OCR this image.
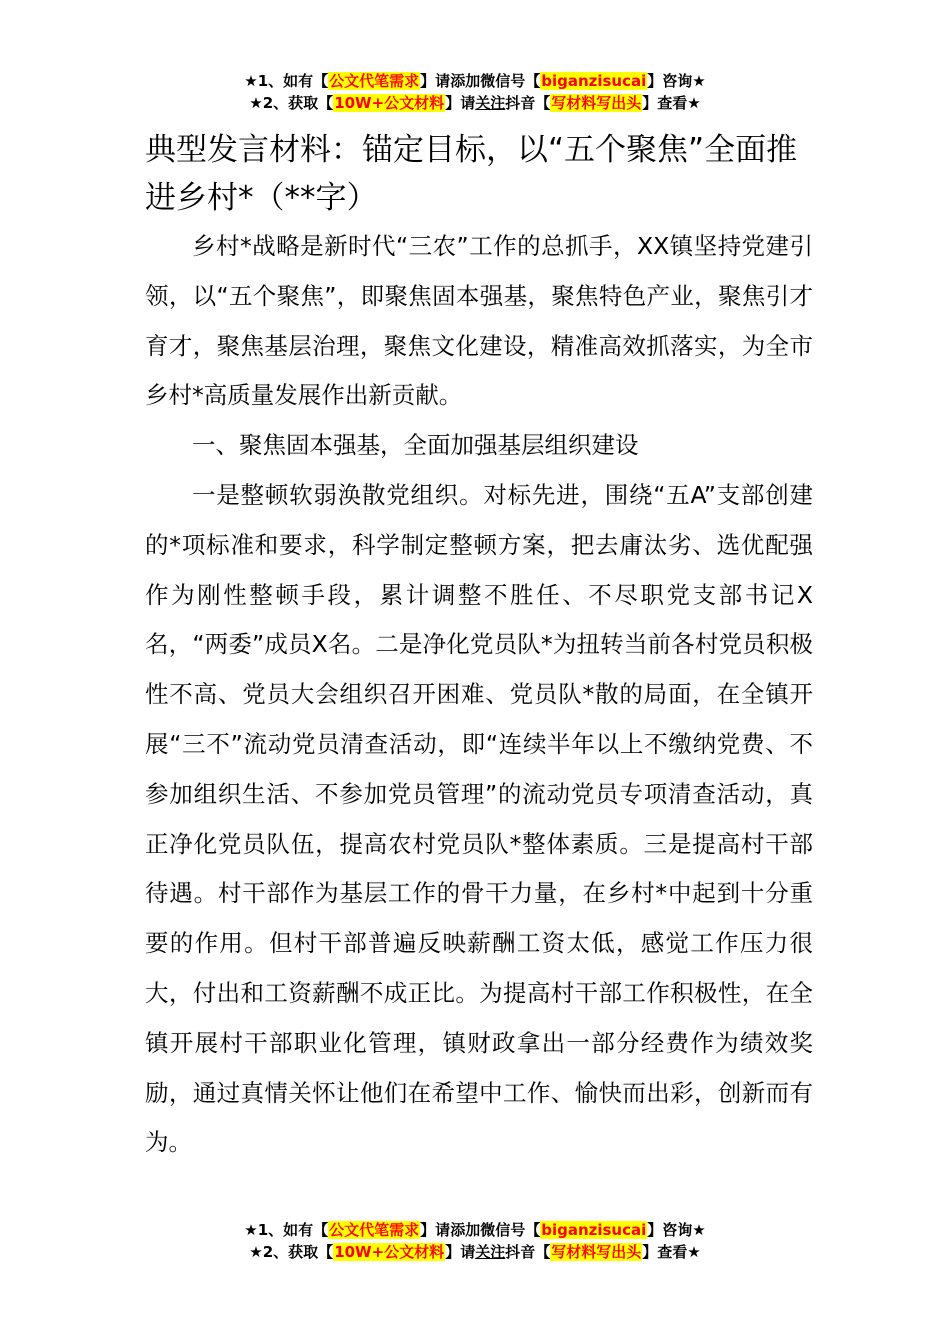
★1、如有【公文代笔需求】请添加微信号【biganzisucai】咨询★
★2、获取【10W+公文材料】请关注抖音【写材料写出头】查看★
典型发言材料：锚定目标，以“五个聚焦”全面推进乡村*（**字）

乡村*战略是新时代“三农”工作的总抓手，XX镇坚持党建引领，以“五个聚焦”，即聚焦固本强基，聚焦特色产业，聚焦引才育才，聚焦基层治理，聚焦文化建设，精准高效抓落实，为全市乡村*高质量发展作出新贡献。

一、聚焦固本强基，全面加强基层组织建设

一是整顿软弱涣散党组织。对标先进，围绕“五A”支部创建的*项标准和要求，科学制定整顿方案，把去庸汰劣、选优配强作为刚性整顿手段，累计调整不胜任、不尽职党支部书记X名，“两委”成员X名。二是净化党员队*为扭转当前各村党员积极性不高、党员大会组织召开困难、党员队*散的局面，在全镇开展“三不”流动党员清查活动，即“连续半年以上不缴纳党费、不参加组织生活、不参加党员管理”的流动党员专项清查活动，真正净化党员队伍，提高农村党员队*整体素质。三是提高村干部待遇。村干部作为基层工作的骨干力量，在乡村*中起到十分重要的作用。但村干部普遍反映薪酬工资太低，感觉工作压力很大，付出和工资薪酬不成正比。为提高村干部工作积极性，在全镇开展村干部职业化管理，镇财政拿出一部分经费作为绩效奖励，通过真情关怀让他们在希望中工作、愉快而出彩，创新而有为。

★1、如有【公文代笔需求】请添加微信号【biganzisucai】咨询★
★2、获取【10W+公文材料】请关注抖音【写材料写出头】查看★
